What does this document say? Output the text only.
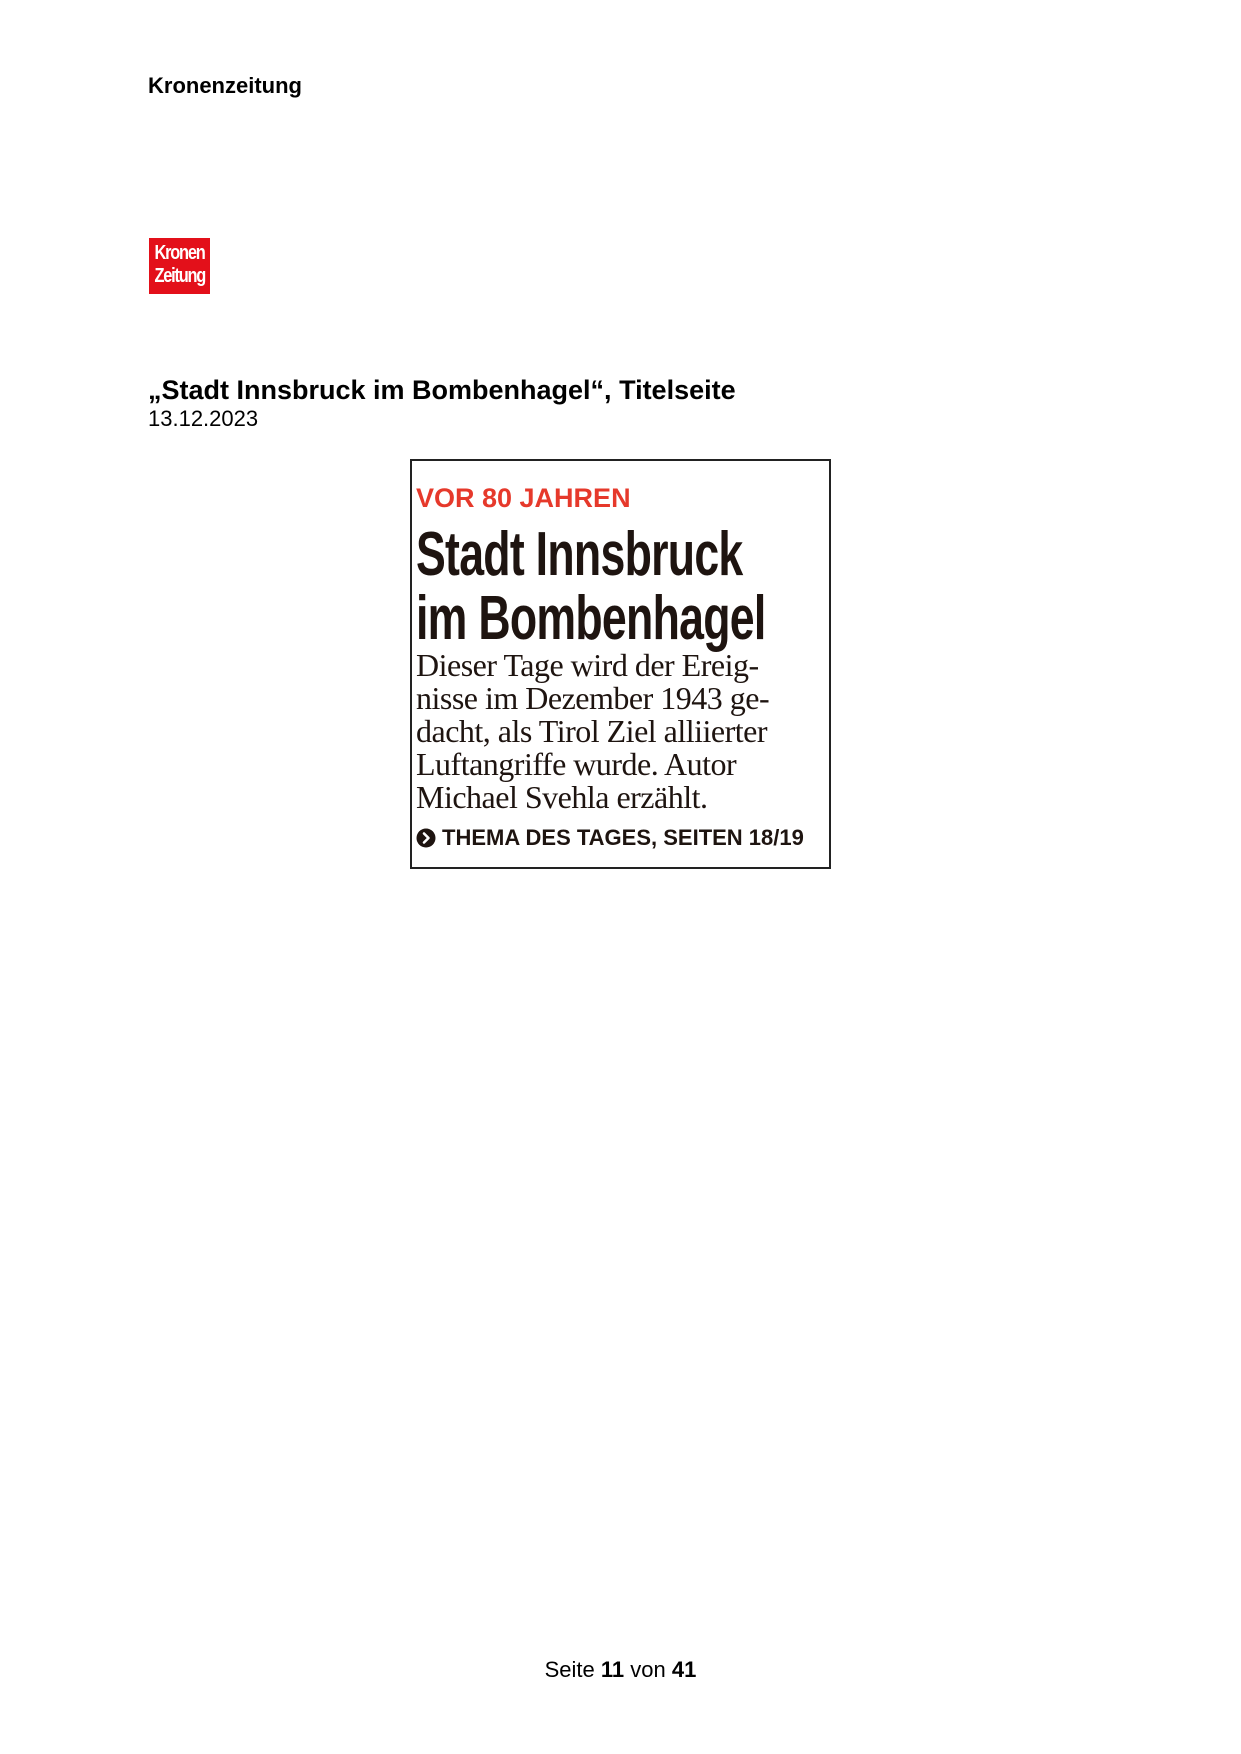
Kronenzeitung
Kronen
Zeitung
„Stadt Innsbruck im Bombenhagel“, Titelseite
13.12.2023
VOR 80 JAHREN
Stadt Innsbruck
im Bombenhagel
Dieser Tage wird der Ereig-
nisse im Dezember 1943 ge-
dacht, als Tirol Ziel alliierter
Luftangriffe wurde. Autor
Michael Svehla erzählt.
THEMA DES TAGES, SEITEN 18/19
Seite 11 von 41
